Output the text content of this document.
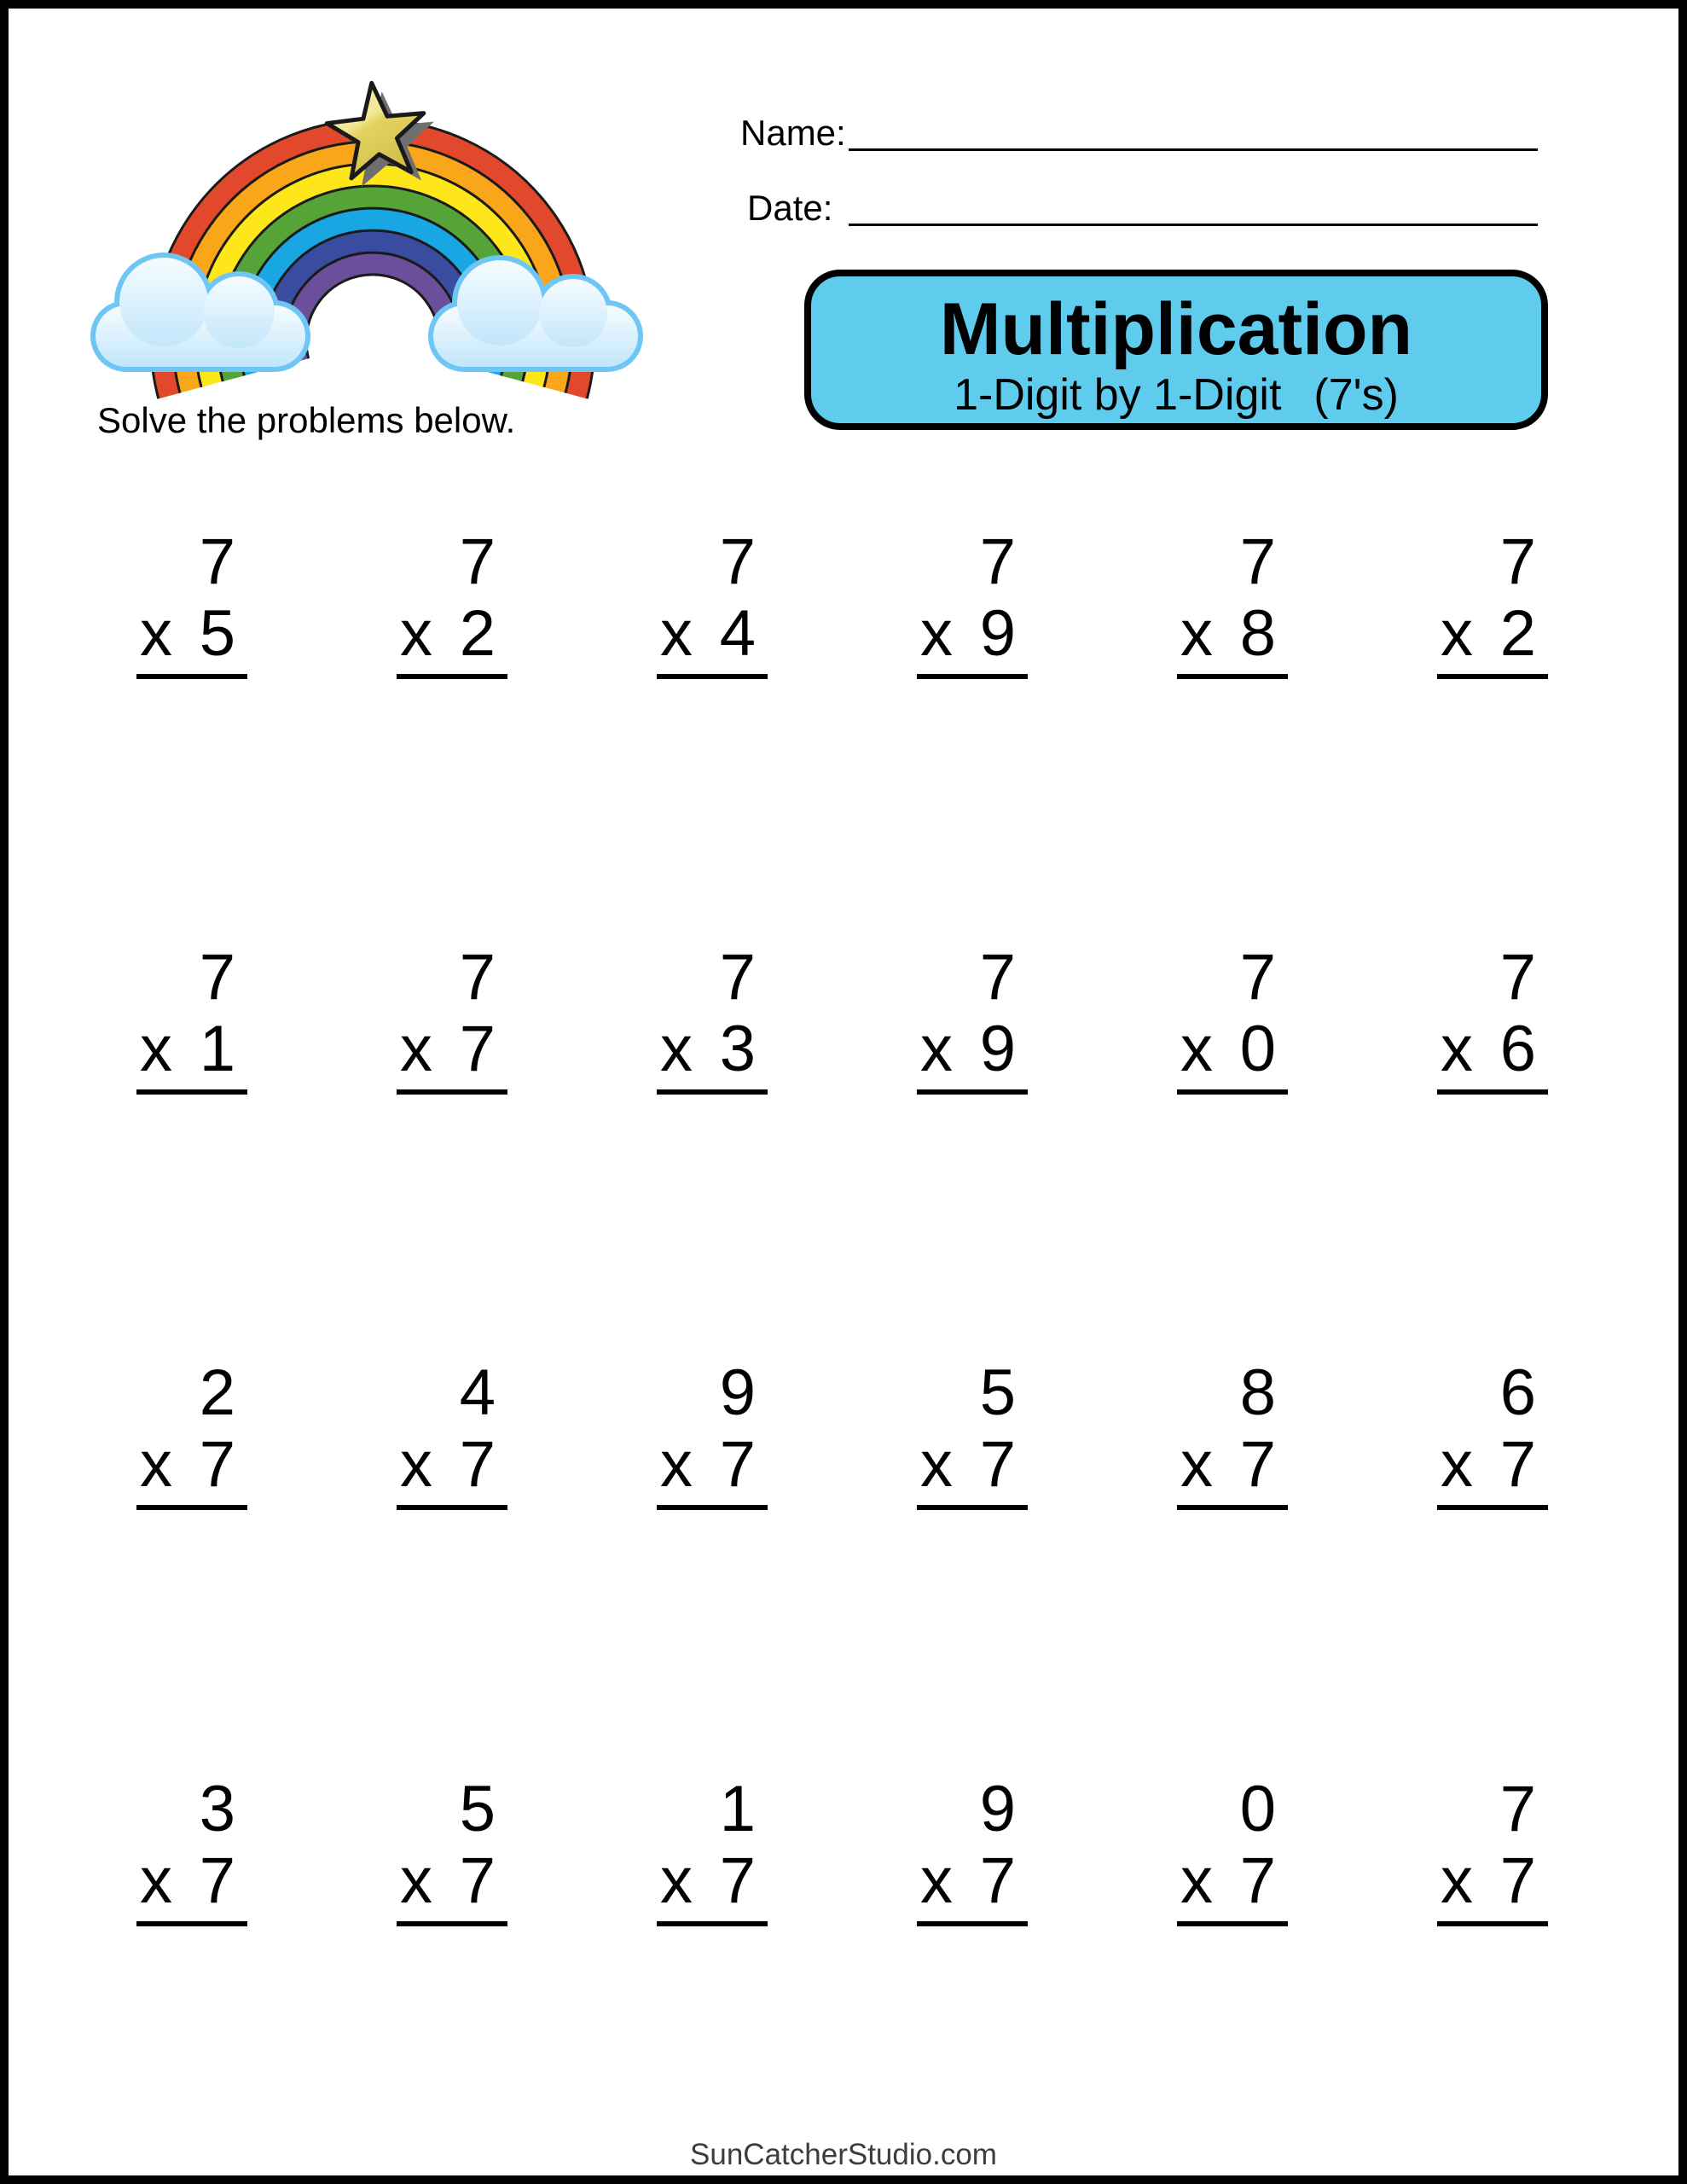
Name:
Date:
Multiplication
1-Digit by 1-Digit (7's)
Solve the problems below.
7
x 5
7
x 2
7
x 4
7
x 9
7
x 8
7
x 2
7
x 1
7
x 7
7
x 3
7
x 9
7
x 0
7
x 6
2
x 7
4
x 7
9
x 7
5
x 7
8
x 7
6
x 7
3
x 7
5
x 7
1
x 7
9
x 7
0
x 7
7
x 7
SunCatcherStudio.com
